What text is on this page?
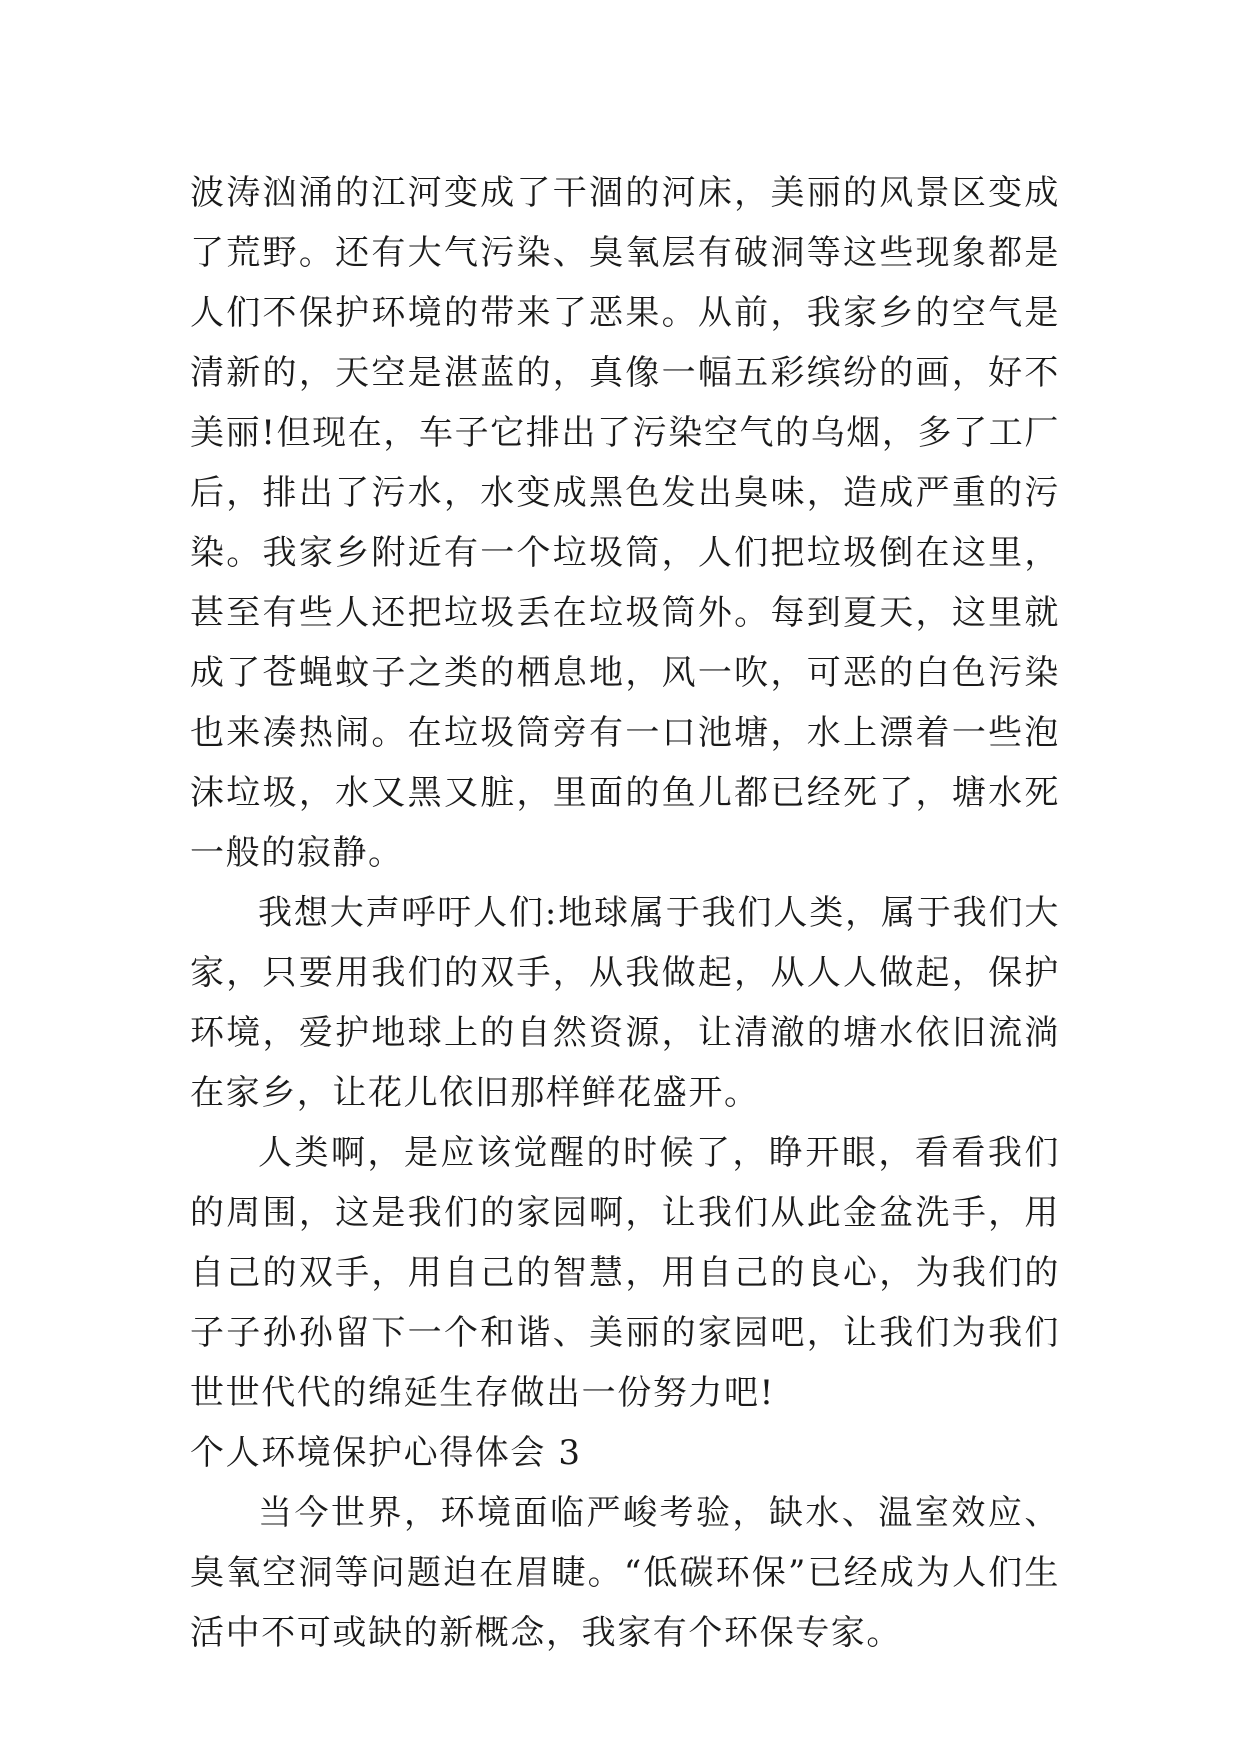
波涛汹涌的江河变成了干涸的河床，美丽的风景区变成了荒野。还有大气污染、臭氧层有破洞等这些现象都是人们不保护环境的带来了恶果。从前，我家乡的空气是清新的，天空是湛蓝的，真像一幅五彩缤纷的画，好不美丽!但现在，车子它排出了污染空气的乌烟，多了工厂后，排出了污水，水变成黑色发出臭味，造成严重的污染。我家乡附近有一个垃圾筒，人们把垃圾倒在这里，甚至有些人还把垃圾丢在垃圾筒外。每到夏天，这里就成了苍蝇蚊子之类的栖息地，风一吹，可恶的白色污染也来凑热闹。在垃圾筒旁有一口池塘，水上漂着一些泡沫垃圾，水又黑又脏，里面的鱼儿都已经死了，塘水死一般的寂静。

我想大声呼吁人们:地球属于我们人类，属于我们大家，只要用我们的双手，从我做起，从人人做起，保护环境，爱护地球上的自然资源，让清澈的塘水依旧流淌在家乡，让花儿依旧那样鲜花盛开。

人类啊，是应该觉醒的时候了，睁开眼，看看我们的周围，这是我们的家园啊，让我们从此金盆洗手，用自己的双手，用自己的智慧，用自己的良心，为我们的子子孙孙留下一个和谐、美丽的家园吧，让我们为我们世世代代的绵延生存做出一份努力吧!

个人环境保护心得体会 3

当今世界，环境面临严峻考验，缺水、温室效应、臭氧空洞等问题迫在眉睫。“低碳环保”已经成为人们生活中不可或缺的新概念，我家有个环保专家。
